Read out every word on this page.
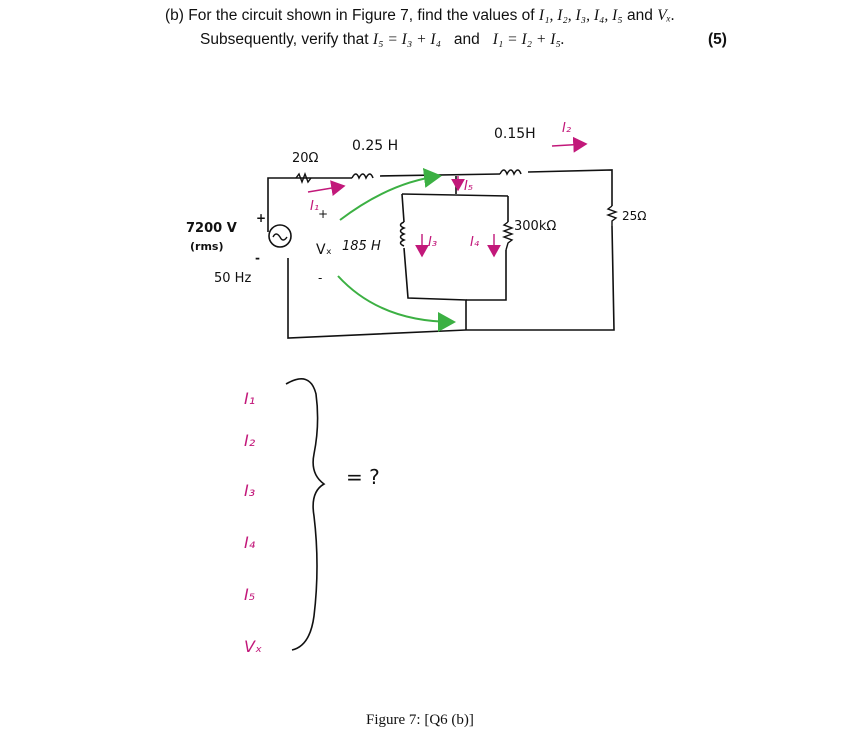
(b) For the circuit shown in Figure 7, find the values of I₁, I₂, I₃, I₄, I₅ and Vₓ.
Subsequently, verify that I₅ = I₃ + I₄ and I₁ = I₂ + I₅.	(5)
20Ω
0.25 H
0.15H
185 H
300kΩ
25Ω
7200 V
+
(rms)
-
50 Hz
+
Vₓ
-
I₁
I₂
I₅
I₃	I₄
I₁
I₂
I₃
I₄
I₅
Vₓ
= ?
Figure 7: [Q6 (b)]
